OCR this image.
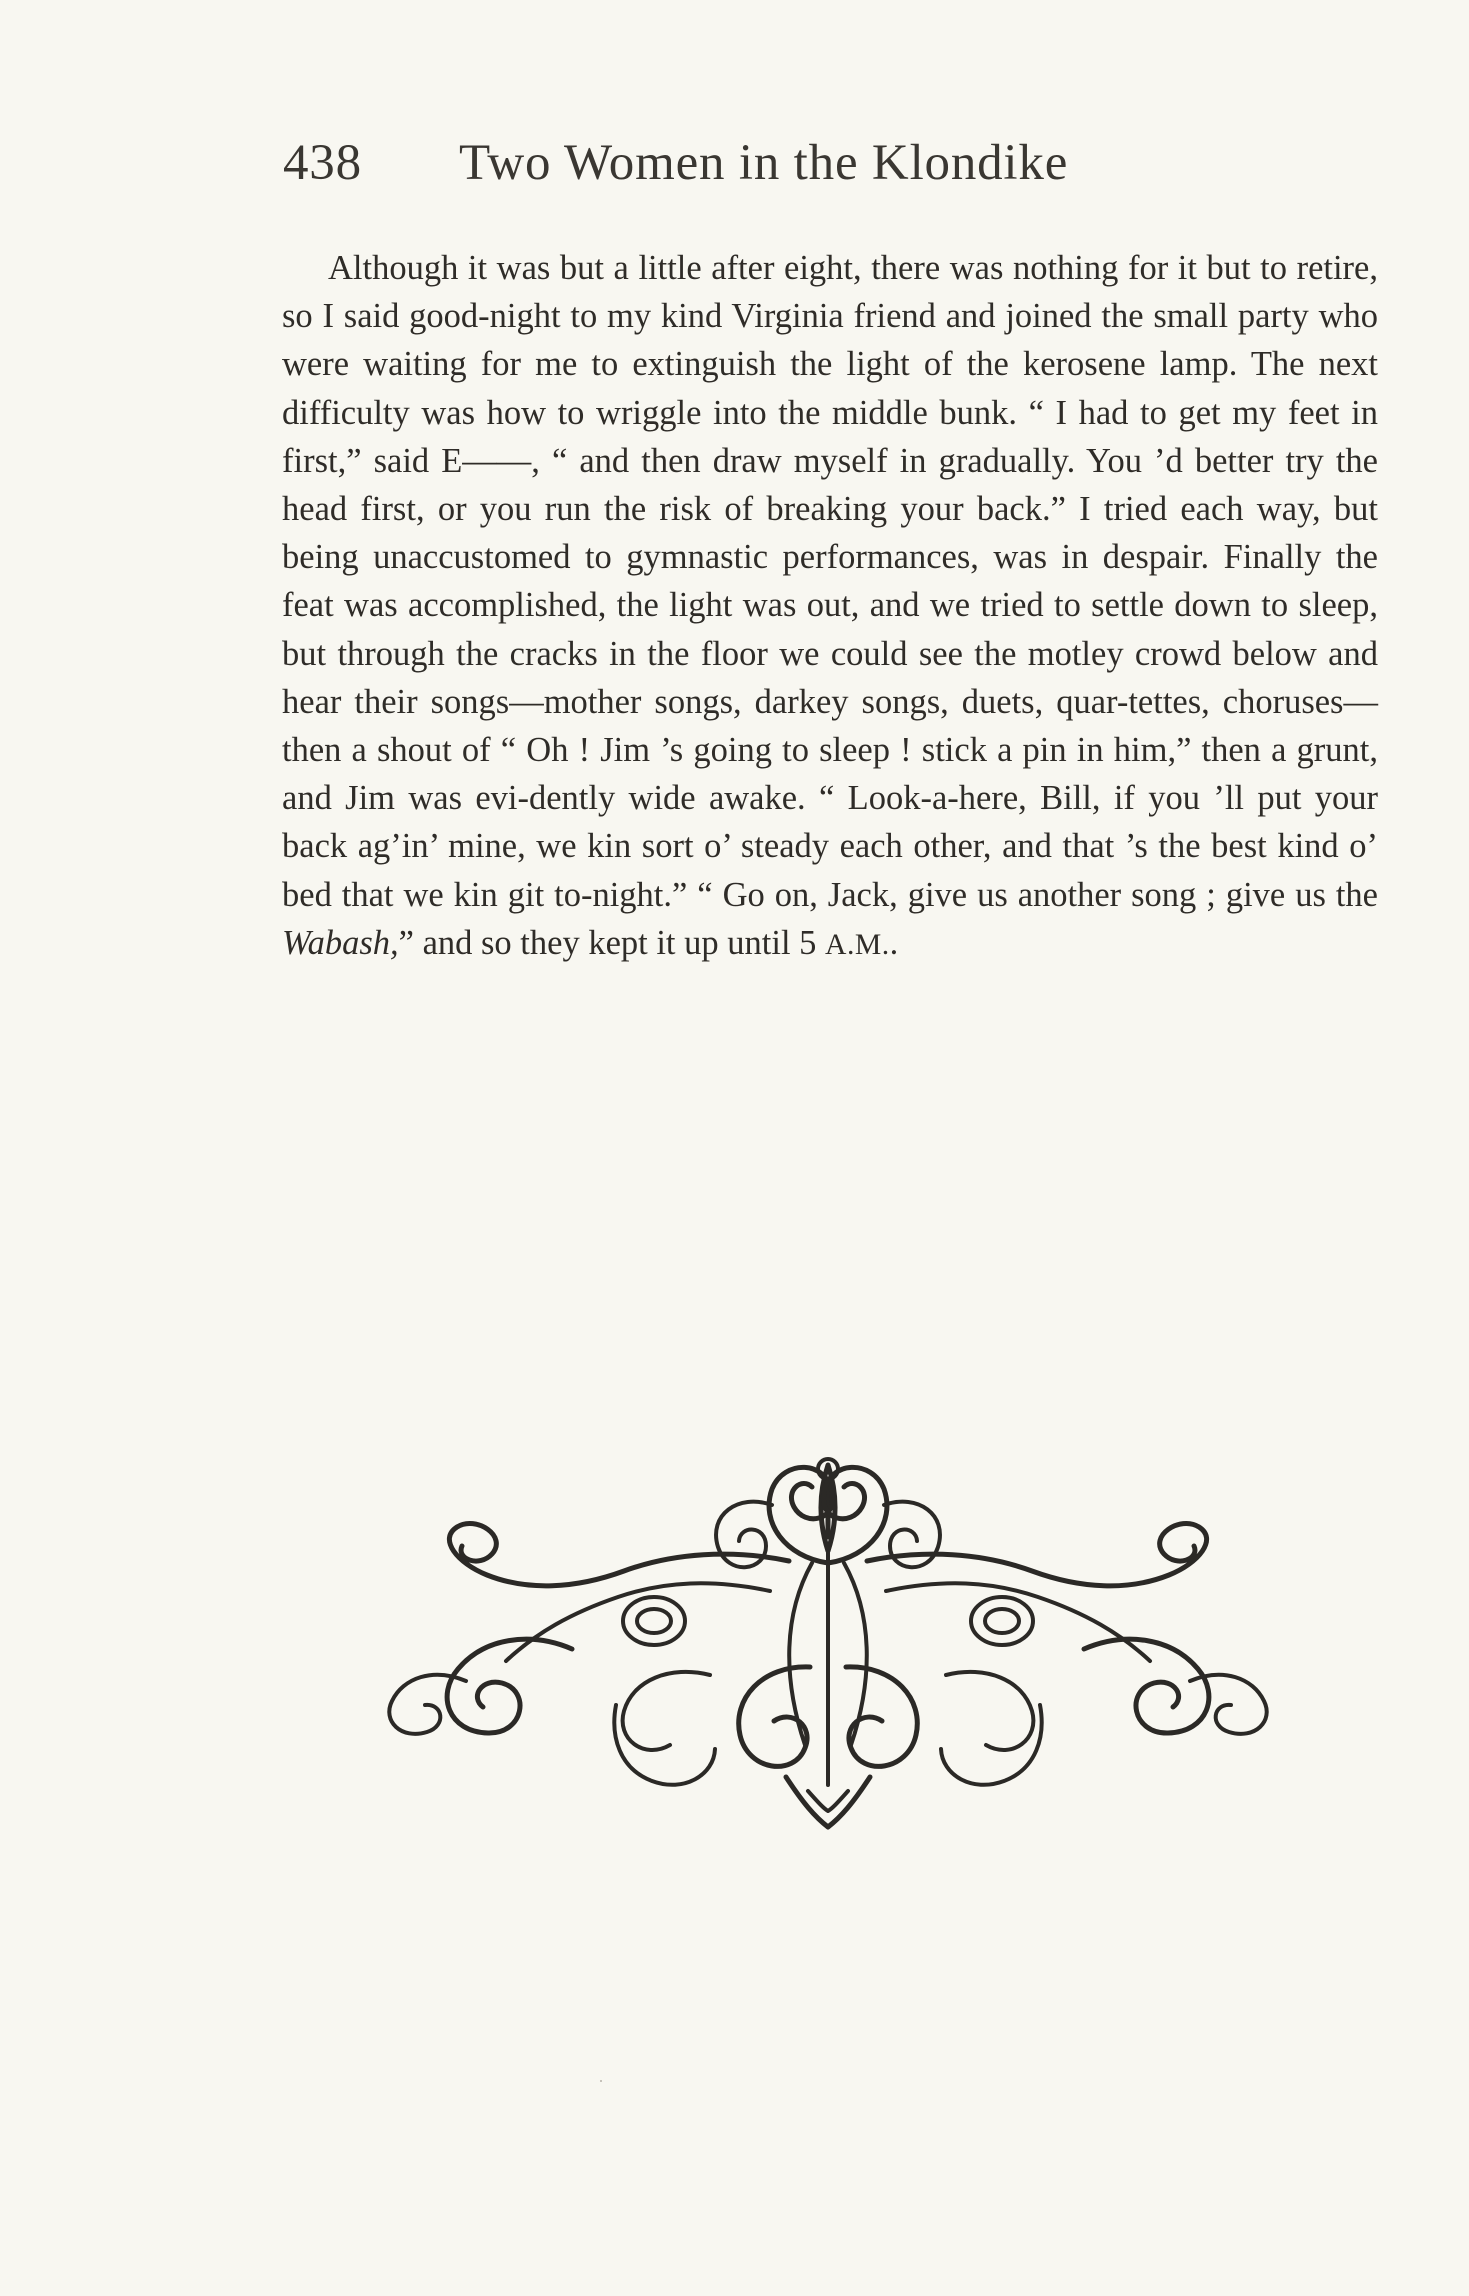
438 Two Women in the Klondike

Although it was but a little after eight, there was nothing for it but to retire, so I said good-night to my kind Virginia friend and joined the small party who were waiting for me to extinguish the light of the kerosene lamp. The next difficulty was how to wriggle into the middle bunk. “ I had to get my feet in first,” said E——, “ and then draw myself in gradually. You ’d better try the head first, or you run the risk of breaking your back.” I tried each way, but being unaccustomed to gymnastic performances, was in despair. Finally the feat was accomplished, the light was out, and we tried to settle down to sleep, but through the cracks in the floor we could see the motley crowd below and hear their songs—mother songs, darkey songs, duets, quar-tettes, choruses—then a shout of “ Oh ! Jim ’s going to sleep ! stick a pin in him,” then a grunt, and Jim was evi-dently wide awake. “ Look-a-here, Bill, if you ’ll put your back ag’in’ mine, we kin sort o’ steady each other, and that ’s the best kind o’ bed that we kin git to-night.” “ Go on, Jack, give us another song ; give us the Wabash,” and so they kept it up until 5 A.M..
